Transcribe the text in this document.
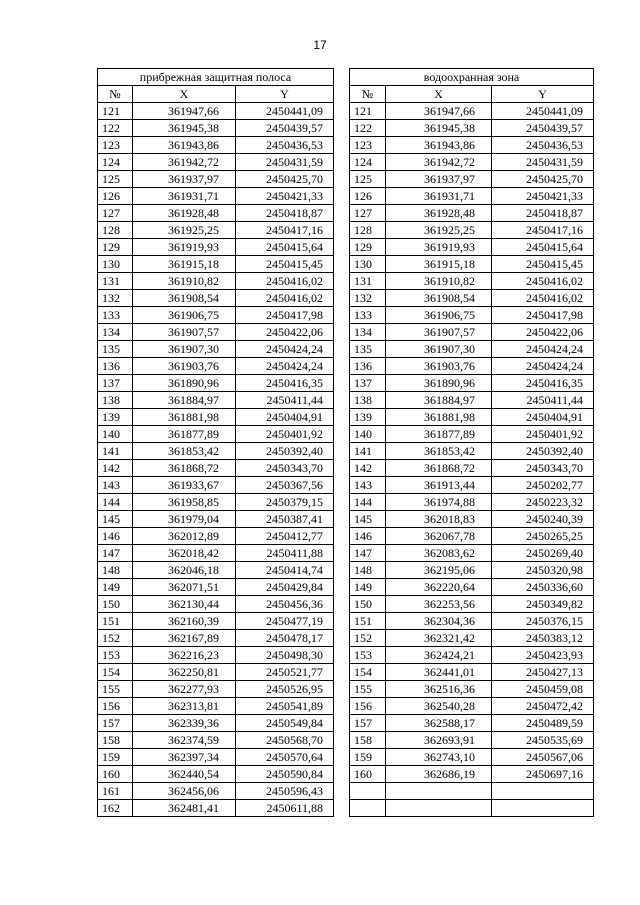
17
прибрежная защитная полоса				водоохранная зона		
№	X	Y		№	X	Y
121	361947,66	2450441,09		121	361947,66	2450441,09
122	361945,38	2450439,57		122	361945,38	2450439,57
123	361943,86	2450436,53		123	361943,86	2450436,53
124	361942,72	2450431,59		124	361942,72	2450431,59
125	361937,97	2450425,70		125	361937,97	2450425,70
126	361931,71	2450421,33		126	361931,71	2450421,33
127	361928,48	2450418,87		127	361928,48	2450418,87
128	361925,25	2450417,16		128	361925,25	2450417,16
129	361919,93	2450415,64		129	361919,93	2450415,64
130	361915,18	2450415,45		130	361915,18	2450415,45
131	361910,82	2450416,02		131	361910,82	2450416,02
132	361908,54	2450416,02		132	361908,54	2450416,02
133	361906,75	2450417,98		133	361906,75	2450417,98
134	361907,57	2450422,06		134	361907,57	2450422,06
135	361907,30	2450424,24		135	361907,30	2450424,24
136	361903,76	2450424,24		136	361903,76	2450424,24
137	361890,96	2450416,35		137	361890,96	2450416,35
138	361884,97	2450411,44		138	361884,97	2450411,44
139	361881,98	2450404,91		139	361881,98	2450404,91
140	361877,89	2450401,92		140	361877,89	2450401,92
141	361853,42	2450392,40		141	361853,42	2450392,40
142	361868,72	2450343,70		142	361868,72	2450343,70
143	361933,67	2450367,56		143	361913,44	2450202,77
144	361958,85	2450379,15		144	361974,88	2450223,32
145	361979,04	2450387,41		145	362018,83	2450240,39
146	362012,89	2450412,77		146	362067,78	2450265,25
147	362018,42	2450411,88		147	362083,62	2450269,40
148	362046,18	2450414,74		148	362195,06	2450320,98
149	362071,51	2450429,84		149	362220,64	2450336,60
150	362130,44	2450456,36		150	362253,56	2450349,82
151	362160,39	2450477,19		151	362304,36	2450376,15
152	362167,89	2450478,17		152	362321,42	2450383,12
153	362216,23	2450498,30		153	362424,21	2450423,93
154	362250,81	2450521,77		154	362441,01	2450427,13
155	362277,93	2450526,95		155	362516,36	2450459,08
156	362313,81	2450541,89		156	362540,28	2450472,42
157	362339,36	2450549,84		157	362588,17	2450489,59
158	362374,59	2450568,70		158	362693,91	2450535,69
159	362397,34	2450570,64		159	362743,10	2450567,06
160	362440,54	2450590,84		160	362686,19	2450697,16
161	362456,06	2450596,43				
162	362481,41	2450611,88				
